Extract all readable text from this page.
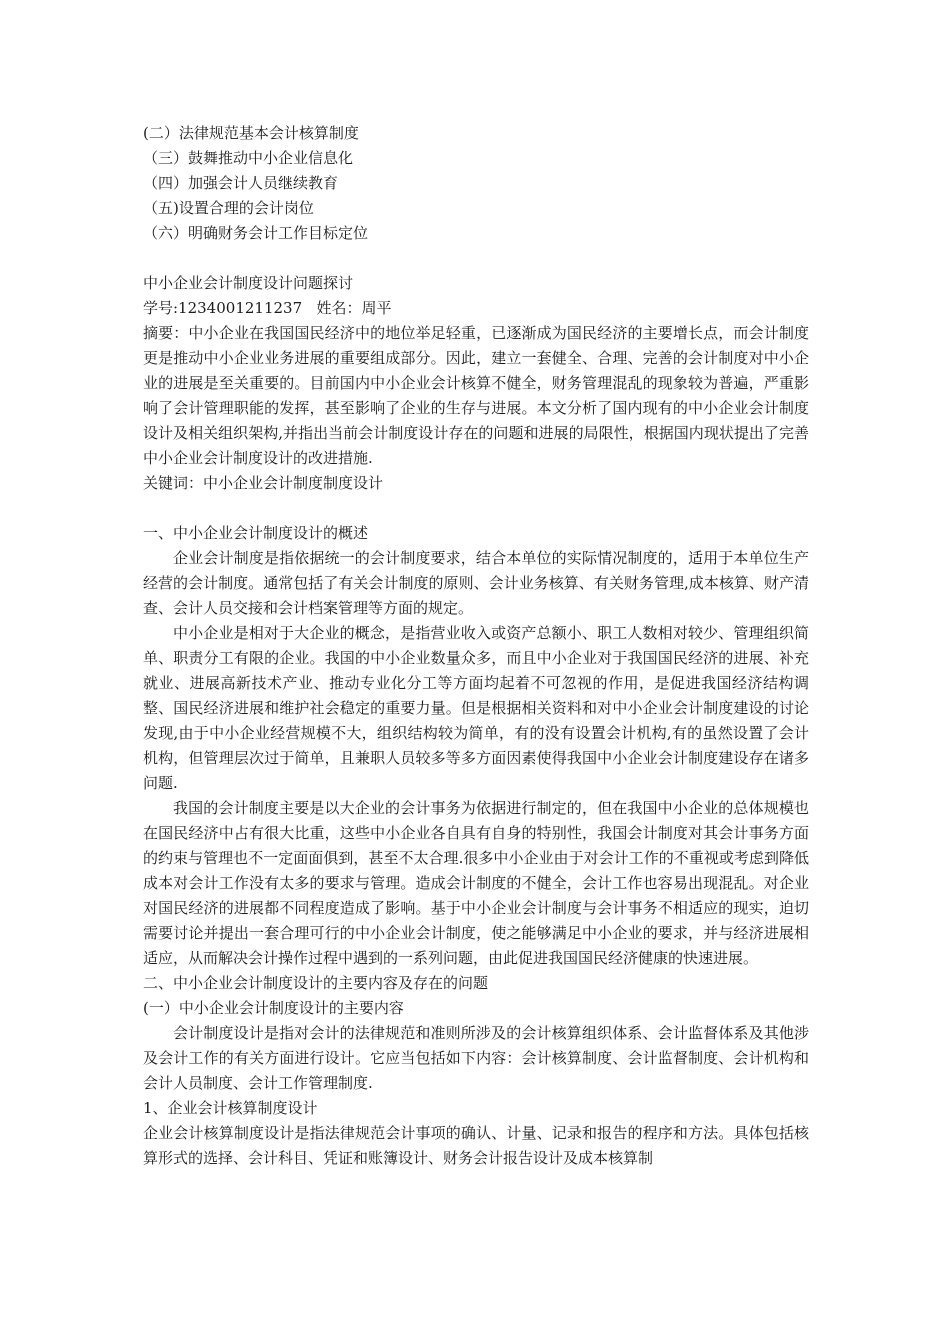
(二）法律规范基本会计核算制度

（三）鼓舞推动中小企业信息化

（四）加强会计人员继续教育

（五)设置合理的会计岗位

（六）明确财务会计工作目标定位

中小企业会计制度设计问题探讨

学号:1234001211237 姓名：周平

摘要：中小企业在我国国民经济中的地位举足轻重，已逐渐成为国民经济的主要增长点，而会计制度更是推动中小企业业务进展的重要组成部分。因此，建立一套健全、合理、完善的会计制度对中小企业的进展是至关重要的。目前国内中小企业会计核算不健全，财务管理混乱的现象较为普遍，严重影响了会计管理职能的发挥，甚至影响了企业的生存与进展。本文分析了国内现有的中小企业会计制度设计及相关组织架构,并指出当前会计制度设计存在的问题和进展的局限性，根据国内现状提出了完善中小企业会计制度设计的改进措施.

关键词：中小企业会计制度制度设计

一、中小企业会计制度设计的概述

企业会计制度是指依据统一的会计制度要求，结合本单位的实际情况制度的，适用于本单位生产经营的会计制度。通常包括了有关会计制度的原则、会计业务核算、有关财务管理,成本核算、财产清查、会计人员交接和会计档案管理等方面的规定。

中小企业是相对于大企业的概念，是指营业收入或资产总额小、职工人数相对较少、管理组织简单、职责分工有限的企业。我国的中小企业数量众多，而且中小企业对于我国国民经济的进展、补充就业、进展高新技术产业、推动专业化分工等方面均起着不可忽视的作用，是促进我国经济结构调整、国民经济进展和维护社会稳定的重要力量。但是根据相关资料和对中小企业会计制度建设的讨论发现,由于中小企业经营规模不大，组织结构较为简单，有的没有设置会计机构,有的虽然设置了会计机构，但管理层次过于简单，且兼职人员较多等多方面因素使得我国中小企业会计制度建设存在诸多问题.

我国的会计制度主要是以大企业的会计事务为依据进行制定的，但在我国中小企业的总体规模也在国民经济中占有很大比重，这些中小企业各自具有自身的特别性，我国会计制度对其会计事务方面的约束与管理也不一定面面俱到，甚至不太合理.很多中小企业由于对会计工作的不重视或考虑到降低成本对会计工作没有太多的要求与管理。造成会计制度的不健全，会计工作也容易出现混乱。对企业对国民经济的进展都不同程度造成了影响。基于中小企业会计制度与会计事务不相适应的现实，迫切需要讨论并提出一套合理可行的中小企业会计制度，使之能够满足中小企业的要求，并与经济进展相适应，从而解决会计操作过程中遇到的一系列问题，由此促进我国国民经济健康的快速进展。

二、中小企业会计制度设计的主要内容及存在的问题

(一）中小企业会计制度设计的主要内容

会计制度设计是指对会计的法律规范和准则所涉及的会计核算组织体系、会计监督体系及其他涉及会计工作的有关方面进行设计。它应当包括如下内容：会计核算制度、会计监督制度、会计机构和会计人员制度、会计工作管理制度.

1、企业会计核算制度设计

企业会计核算制度设计是指法律规范会计事项的确认、计量、记录和报告的程序和方法。具体包括核算形式的选择、会计科目、凭证和账簿设计、财务会计报告设计及成本核算制
